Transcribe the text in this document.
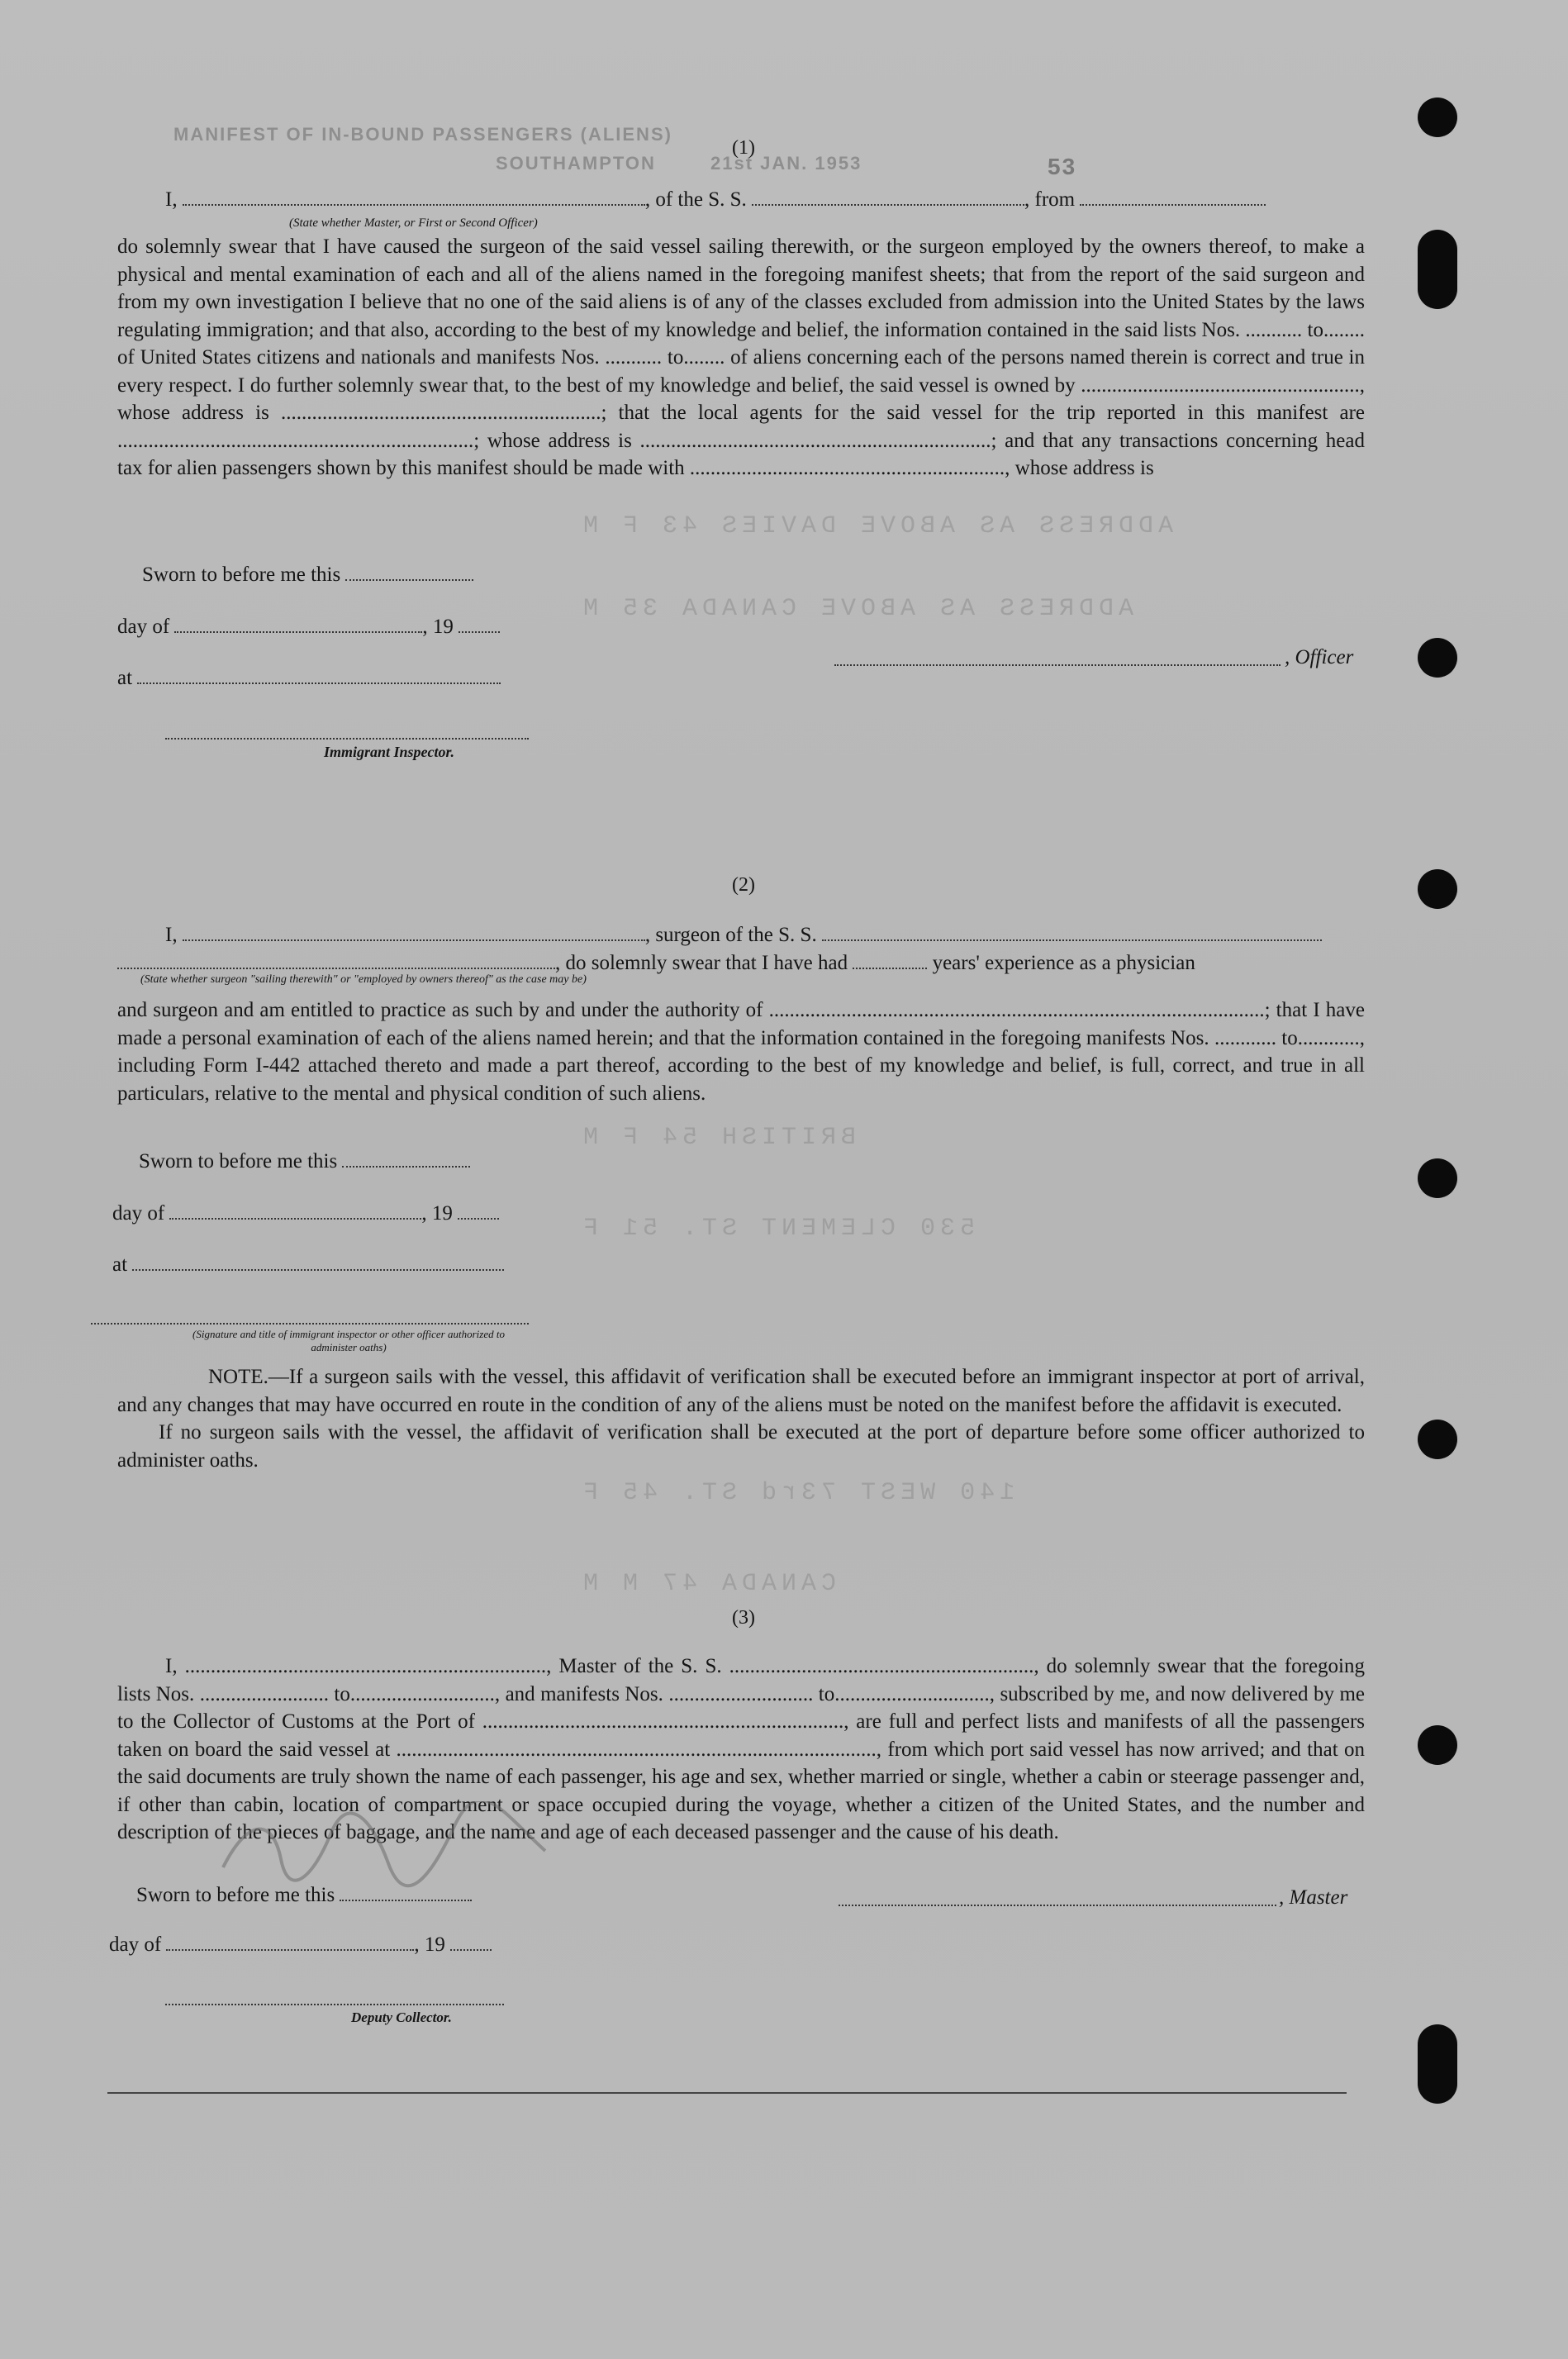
ADDRESS AS ABOVE DAVIES 43 F M
ADDRESS AS ABOVE CANADA 35 M
BRITISH 54 F M
530 CLEMENT ST. 51 F
140 WEST 73rd ST. 45 F
CANADA 47 M M
MANIFEST OF IN-BOUND PASSENGERS (ALIENS)
SOUTHAMPTON	21st JAN. 1953	53
(1)
I,	, of the S. S.	, from
(State whether Master, or First or Second Officer)

do solemnly swear that I have caused the surgeon of the said vessel sailing therewith, or the surgeon employed by the owners thereof, to make a physical and mental examination of each and all of the aliens named in the foregoing manifest sheets; that from the report of the said surgeon and from my own investigation I believe that no one of the said aliens is of any of the classes excluded from admission into the United States by the laws regulating immigration; and that also, according to the best of my knowledge and belief, the information contained in the said lists Nos. ........... to........ of United States citizens and nationals and manifests Nos. ........... to........ of aliens concerning each of the persons named therein is correct and true in every respect. I do further solemnly swear that, to the best of my knowledge and belief, the said vessel is owned by ......................................................, whose address is ..............................................................; that the local agents for the said vessel for the trip reported in this manifest are .....................................................................; whose address is ....................................................................; and that any transactions concerning head tax for alien passengers shown by this manifest should be made with ............................................................., whose address is

Sworn to before me this
day of	, 19
at
Immigrant Inspector.
, Officer
(2)
I,	, surgeon of the S. S.
, do solemnly swear that I have had	years' experience as a physician
(State whether surgeon "sailing therewith" or "employed by owners thereof" as the case may be)

and surgeon and am entitled to practice as such by and under the authority of ................................................................................................; that I have made a personal examination of each of the aliens named herein; and that the information contained in the foregoing manifests Nos. ............ to............, including Form I-442 attached thereto and made a part thereof, according to the best of my knowledge and belief, is full, correct, and true in all particulars, relative to the mental and physical condition of such aliens.

Sworn to before me this
day of	, 19
at
(Signature and title of immigrant inspector or other officer authorized to administer oaths)

NOTE.—If a surgeon sails with the vessel, this affidavit of verification shall be executed before an immigrant inspector at port of arrival, and any changes that may have occurred en route in the condition of any of the aliens must be noted on the manifest before the affidavit is executed.

If no surgeon sails with the vessel, the affidavit of verification shall be executed at the port of departure before some officer authorized to administer oaths.

(3)

I, ......................................................................, Master of the S. S. ..........................................................., do solemnly swear that the foregoing lists Nos. ......................... to............................, and manifests Nos. ............................ to.............................., subscribed by me, and now delivered by me to the Collector of Customs at the Port of ......................................................................, are full and perfect lists and manifests of all the passengers taken on board the said vessel at ............................................................................................., from which port said vessel has now arrived; and that on the said documents are truly shown the name of each passenger, his age and sex, whether married or single, whether a cabin or steerage passenger and, if other than cabin, location of compartment or space occupied during the voyage, whether a citizen of the United States, and the number and description of the pieces of baggage, and the name and age of each deceased passenger and the cause of his death.

Sworn to before me this
day of	, 19
, Master
Deputy Collector.
